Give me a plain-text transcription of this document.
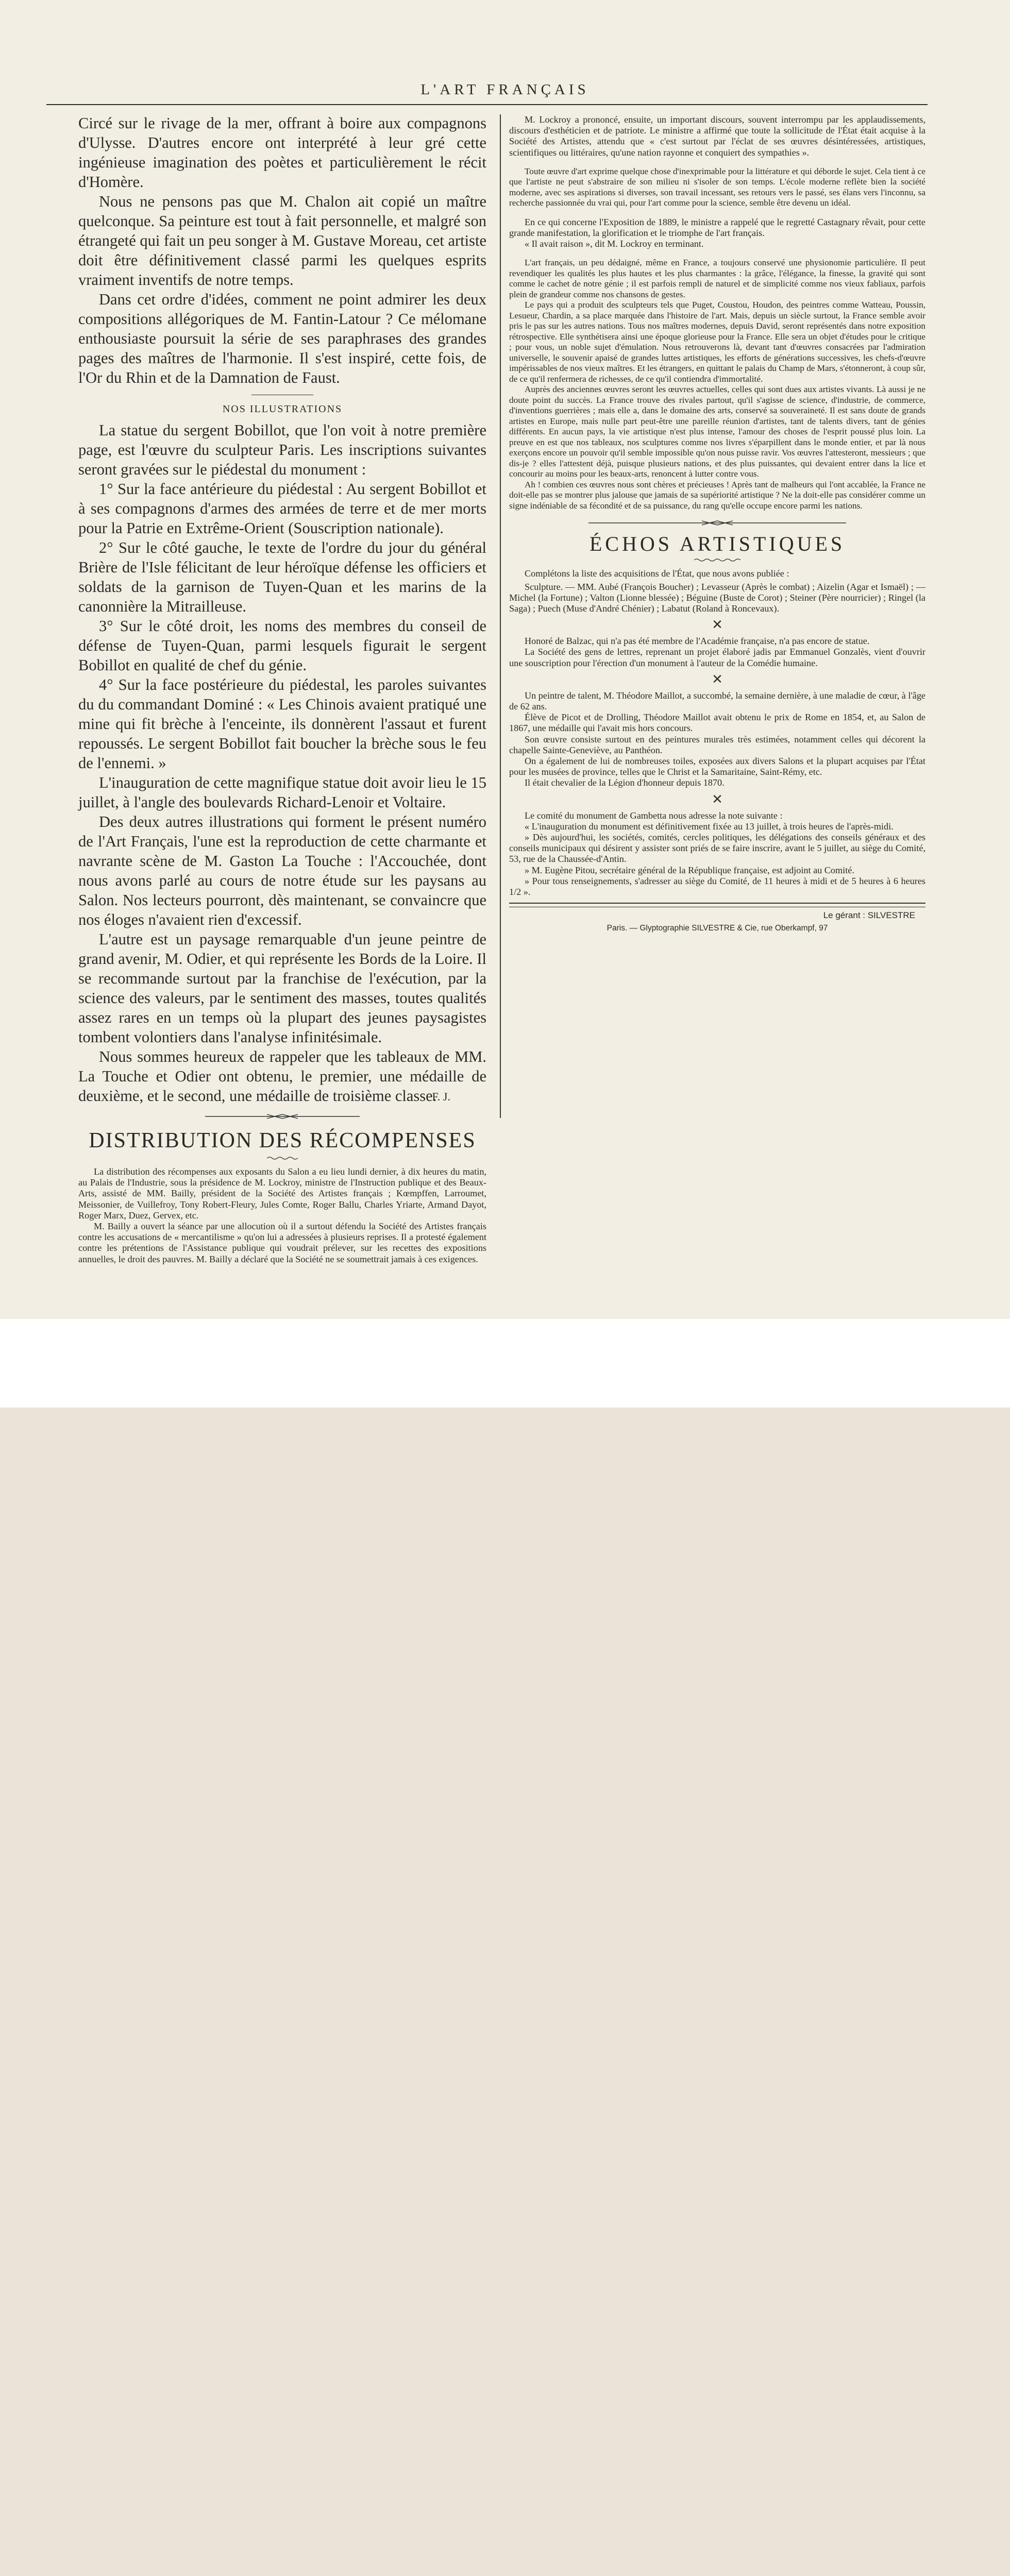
L'ART FRANÇAIS

Circé sur le rivage de la mer, offrant à boire aux compagnons d'Ulysse. D'autres encore ont interprété à leur gré cette ingénieuse imagination des poètes et particulièrement le récit d'Homère.

Nous ne pensons pas que M. Chalon ait copié un maître quelconque. Sa peinture est tout à fait personnelle, et malgré son étrangeté qui fait un peu songer à M. Gustave Moreau, cet artiste doit être définitivement classé parmi les quelques esprits vraiment inventifs de notre temps.

Dans cet ordre d'idées, comment ne point admirer les deux compositions allégoriques de M. Fantin-Latour ? Ce mélomane enthousiaste poursuit la série de ses paraphrases des grandes pages des maîtres de l'harmonie. Il s'est inspiré, cette fois, de l'Or du Rhin et de la Damnation de Faust.

NOS ILLUSTRATIONS

La statue du sergent Bobillot, que l'on voit à notre première page, est l'œuvre du sculpteur Paris. Les inscriptions suivantes seront gravées sur le piédestal du monument :

1° Sur la face antérieure du piédestal : Au sergent Bobillot et à ses compagnons d'armes des armées de terre et de mer morts pour la Patrie en Extrême-Orient (Souscription nationale).

2° Sur le côté gauche, le texte de l'ordre du jour du général Brière de l'Isle félicitant de leur héroïque défense les officiers et soldats de la garnison de Tuyen-Quan et les marins de la canonnière la Mitrailleuse.

3° Sur le côté droit, les noms des membres du conseil de défense de Tuyen-Quan, parmi lesquels figurait le sergent Bobillot en qualité de chef du génie.

4° Sur la face postérieure du piédestal, les paroles suivantes du du commandant Dominé : « Les Chinois avaient pratiqué une mine qui fit brèche à l'enceinte, ils donnèrent l'assaut et furent repoussés. Le sergent Bobillot fait boucher la brèche sous le feu de l'ennemi. »

L'inauguration de cette magnifique statue doit avoir lieu le 15 juillet, à l'angle des boulevards Richard-Lenoir et Voltaire.

Des deux autres illustrations qui forment le présent numéro de l'Art Français, l'une est la reproduction de cette charmante et navrante scène de M. Gaston La Touche : l'Accouchée, dont nous avons parlé au cours de notre étude sur les paysans au Salon. Nos lecteurs pourront, dès maintenant, se convaincre que nos éloges n'avaient rien d'excessif.

L'autre est un paysage remarquable d'un jeune peintre de grand avenir, M. Odier, et qui représente les Bords de la Loire. Il se recommande surtout par la franchise de l'exécution, par la science des valeurs, par le sentiment des masses, toutes qualités assez rares en un temps où la plupart des jeunes paysagistes tombent volontiers dans l'analyse infinitésimale.

Nous sommes heureux de rappeler que les tableaux de MM. La Touche et Odier ont obtenu, le premier, une médaille de deuxième, et le second, une médaille de troisième classe.

F. J.
DISTRIBUTION DES RÉCOMPENSES

La distribution des récompenses aux exposants du Salon a eu lieu lundi dernier, à dix heures du matin, au Palais de l'Industrie, sous la présidence de M. Lockroy, ministre de l'Instruction publique et des Beaux-Arts, assisté de MM. Bailly, président de la Société des Artistes français ; Kœmpffen, Larroumet, Meissonier, de Vuillefroy, Tony Robert-Fleury, Jules Comte, Roger Ballu, Charles Yriarte, Armand Dayot, Roger Marx, Duez, Gervex, etc.

M. Bailly a ouvert la séance par une allocution où il a surtout défendu la Société des Artistes français contre les accusations de « mercantilisme » qu'on lui a adressées à plusieurs reprises. Il a protesté également contre les prétentions de l'Assistance publique qui voudrait prélever, sur les recettes des expositions annuelles, le droit des pauvres. M. Bailly a déclaré que la Société ne se soumettrait jamais à ces exigences.

M. Lockroy a prononcé, ensuite, un important discours, souvent interrompu par les applaudissements, discours d'esthéticien et de patriote. Le ministre a affirmé que toute la sollicitude de l'État était acquise à la Société des Artistes, attendu que « c'est surtout par l'éclat de ses œuvres désintéressées, artistiques, scientifiques ou littéraires, qu'une nation rayonne et conquiert des sympathies ».

Toute œuvre d'art exprime quelque chose d'inexprimable pour la littérature et qui déborde le sujet. Cela tient à ce que l'artiste ne peut s'abstraire de son milieu ni s'isoler de son temps. L'école moderne reflète bien la société moderne, avec ses aspirations si diverses, son travail incessant, ses retours vers le passé, ses élans vers l'inconnu, sa recherche passionnée du vrai qui, pour l'art comme pour la science, semble être devenu un idéal.

En ce qui concerne l'Exposition de 1889, le ministre a rappelé que le regretté Castagnary rêvait, pour cette grande manifestation, la glorification et le triomphe de l'art français.

« Il avait raison », dit M. Lockroy en terminant.

L'art français, un peu dédaigné, même en France, a toujours conservé une physionomie particulière. Il peut revendiquer les qualités les plus hautes et les plus charmantes : la grâce, l'élégance, la finesse, la gravité qui sont comme le cachet de notre génie ; il est parfois rempli de naturel et de simplicité comme nos vieux fabliaux, parfois plein de grandeur comme nos chansons de gestes.

Le pays qui a produit des sculpteurs tels que Puget, Coustou, Houdon, des peintres comme Watteau, Poussin, Lesueur, Chardin, a sa place marquée dans l'histoire de l'art. Mais, depuis un siècle surtout, la France semble avoir pris le pas sur les autres nations. Tous nos maîtres modernes, depuis David, seront représentés dans notre exposition rétrospective. Elle synthétisera ainsi une époque glorieuse pour la France. Elle sera un objet d'études pour le critique ; pour vous, un noble sujet d'émulation. Nous retrouverons là, devant tant d'œuvres consacrées par l'admiration universelle, le souvenir apaisé de grandes luttes artistiques, les efforts de générations successives, les chefs-d'œuvre impérissables de nos vieux maîtres. Et les étrangers, en quittant le palais du Champ de Mars, s'étonneront, à coup sûr, de ce qu'il renfermera de richesses, de ce qu'il contiendra d'immortalité.

Auprès des anciennes œuvres seront les œuvres actuelles, celles qui sont dues aux artistes vivants. Là aussi je ne doute point du succès. La France trouve des rivales partout, qu'il s'agisse de science, d'industrie, de commerce, d'inventions guerrières ; mais elle a, dans le domaine des arts, conservé sa souveraineté. Il est sans doute de grands artistes en Europe, mais nulle part peut-être une pareille réunion d'artistes, tant de talents divers, tant de génies différents. En aucun pays, la vie artistique n'est plus intense, l'amour des choses de l'esprit poussé plus loin. La preuve en est que nos tableaux, nos sculptures comme nos livres s'éparpillent dans le monde entier, et par là nous exerçons encore un pouvoir qu'il semble impossible qu'on nous puisse ravir. Vos œuvres l'attesteront, messieurs ; que dis-je ? elles l'attestent déjà, puisque plusieurs nations, et des plus puissantes, qui devaient entrer dans la lice et concourir au moins pour les beaux-arts, renoncent à lutter contre vous.

Ah ! combien ces œuvres nous sont chères et précieuses ! Après tant de malheurs qui l'ont accablée, la France ne doit-elle pas se montrer plus jalouse que jamais de sa supériorité artistique ? Ne la doit-elle pas considérer comme un signe indéniable de sa fécondité et de sa puissance, du rang qu'elle occupe encore parmi les nations.

ÉCHOS ARTISTIQUES

Complétons la liste des acquisitions de l'État, que nous avons publiée :

Sculpture. — MM. Aubé (François Boucher) ; Levasseur (Après le combat) ; Aizelin (Agar et Ismaël) ; — Michel (la Fortune) ; Valton (Lionne blessée) ; Béguine (Buste de Corot) ; Steiner (Père nourricier) ; Ringel (la Saga) ; Puech (Muse d'André Chénier) ; Labatut (Roland à Roncevaux).

✕

Honoré de Balzac, qui n'a pas été membre de l'Académie française, n'a pas encore de statue.

La Société des gens de lettres, reprenant un projet élaboré jadis par Emmanuel Gonzalès, vient d'ouvrir une souscription pour l'érection d'un monument à l'auteur de la Comédie humaine.

✕

Un peintre de talent, M. Théodore Maillot, a succombé, la semaine dernière, à une maladie de cœur, à l'âge de 62 ans.

Élève de Picot et de Drolling, Théodore Maillot avait obtenu le prix de Rome en 1854, et, au Salon de 1867, une médaille qui l'avait mis hors concours.

Son œuvre consiste surtout en des peintures murales très estimées, notamment celles qui décorent la chapelle Sainte-Geneviève, au Panthéon.

On a également de lui de nombreuses toiles, exposées aux divers Salons et la plupart acquises par l'État pour les musées de province, telles que le Christ et la Samaritaine, Saint-Rémy, etc.

Il était chevalier de la Légion d'honneur depuis 1870.

✕

Le comité du monument de Gambetta nous adresse la note suivante :

« L'inauguration du monument est définitivement fixée au 13 juillet, à trois heures de l'après-midi.

» Dès aujourd'hui, les sociétés, comités, cercles politiques, les délégations des conseils généraux et des conseils municipaux qui désirent y assister sont priés de se faire inscrire, avant le 5 juillet, au siège du Comité, 53, rue de la Chaussée-d'Antin.

» M. Eugène Pitou, secrétaire général de la République française, est adjoint au Comité.

» Pour tous renseignements, s'adresser au siège du Comité, de 11 heures à midi et de 5 heures à 6 heures 1/2 ».

Le gérant : SILVESTRE
Paris. — Glyptographie SILVESTRE & Cie, rue Oberkampf, 97
